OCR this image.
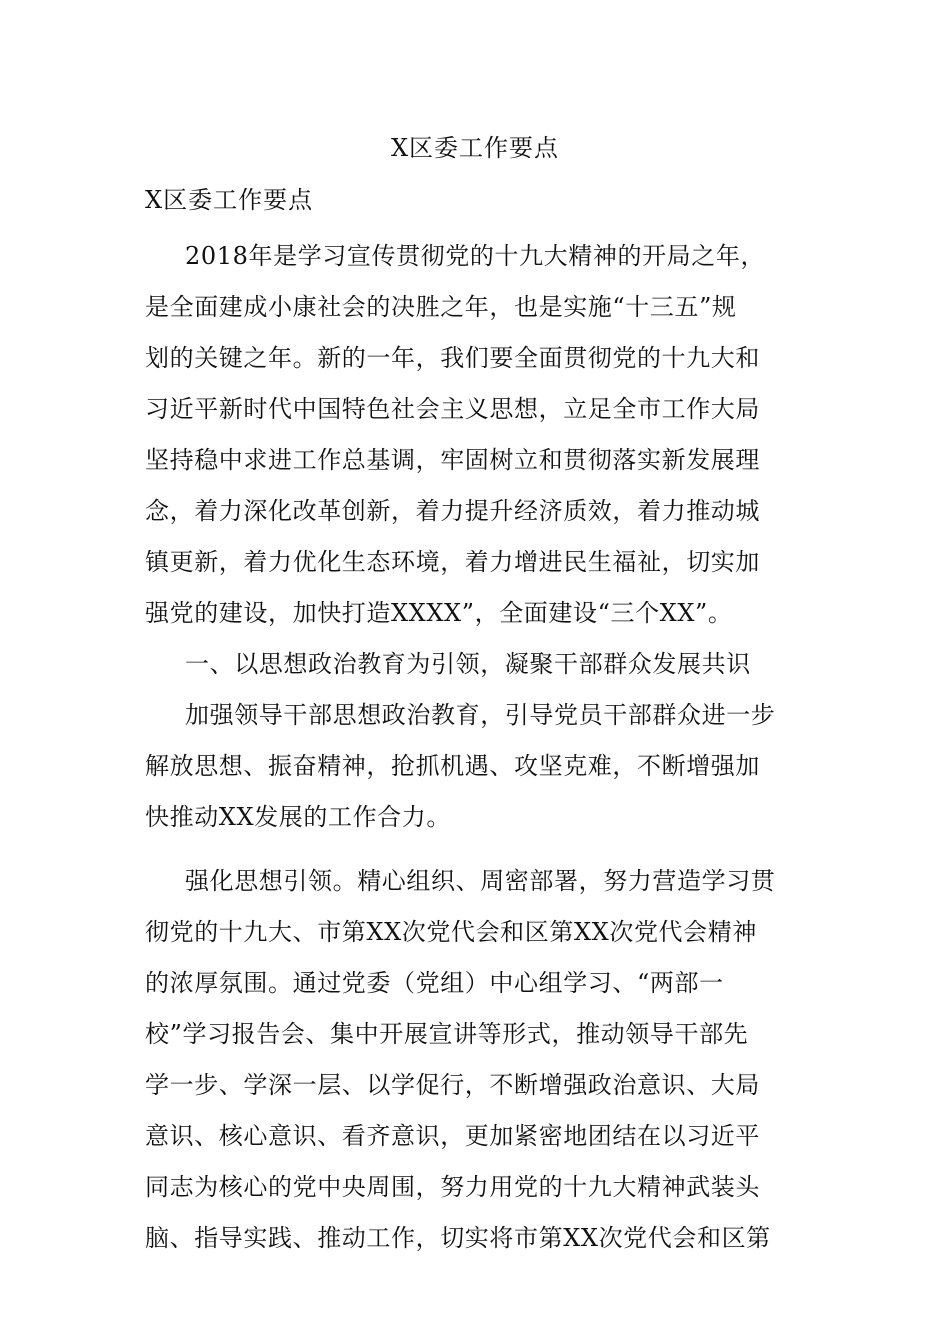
X区委工作要点
X区委工作要点
2018年是学习宣传贯彻党的十九大精神的开局之年，
是全面建成小康社会的决胜之年，也是实施“十三五”规
划的关键之年。新的一年，我们要全面贯彻党的十九大和
习近平新时代中国特色社会主义思想，立足全市工作大局
坚持稳中求进工作总基调，牢固树立和贯彻落实新发展理
念，着力深化改革创新，着力提升经济质效，着力推动城
镇更新，着力优化生态环境，着力增进民生福祉，切实加
强党的建设，加快打造XXXX”，全面建设“三个XX”。
一、以思想政治教育为引领，凝聚干部群众发展共识
加强领导干部思想政治教育，引导党员干部群众进一步
解放思想、振奋精神，抢抓机遇、攻坚克难，不断增强加
快推动XX发展的工作合力。
强化思想引领。精心组织、周密部署，努力营造学习贯
彻党的十九大、市第XX次党代会和区第XX次党代会精神
的浓厚氛围。通过党委（党组）中心组学习、“两部一
校”学习报告会、集中开展宣讲等形式，推动领导干部先
学一步、学深一层、以学促行，不断增强政治意识、大局
意识、核心意识、看齐意识，更加紧密地团结在以习近平
同志为核心的党中央周围，努力用党的十九大精神武装头
脑、指导实践、推动工作，切实将市第XX次党代会和区第
